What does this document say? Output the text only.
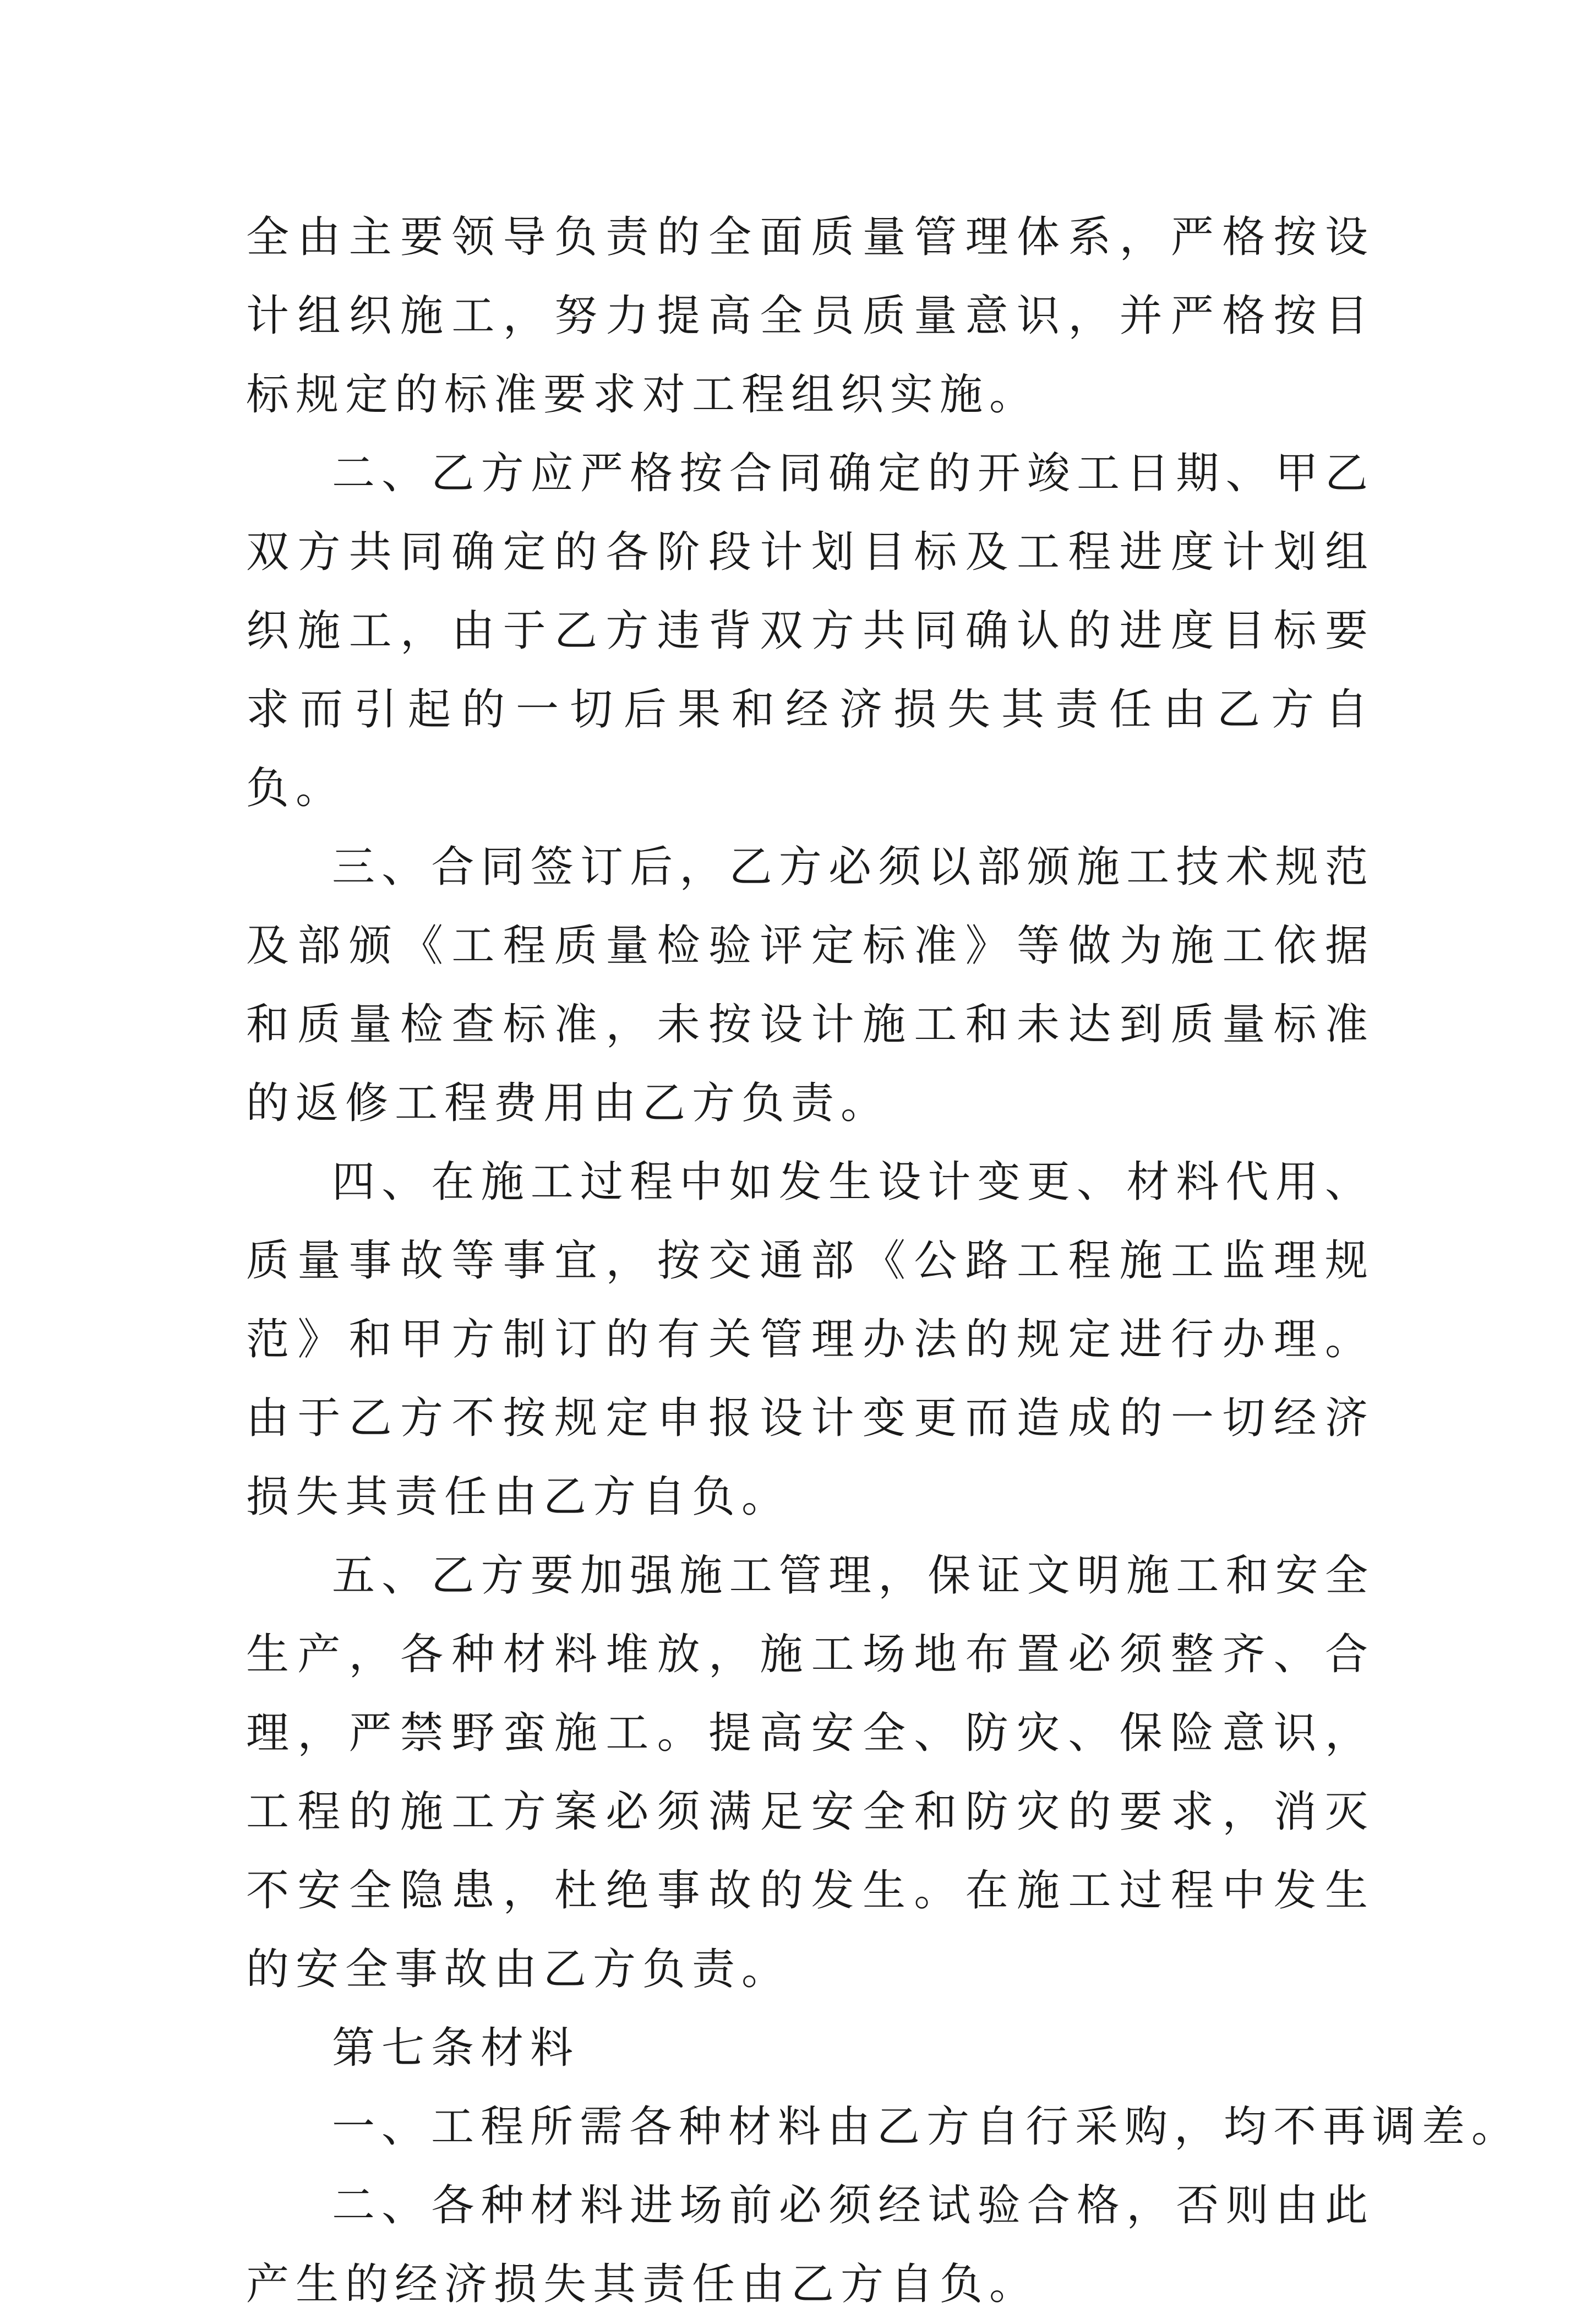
全由主要领导负责的全面质量管理体系，严格按设计组织施工，努力提高全员质量意识，并严格按目标规定的标准要求对工程组织实施。

二、乙方应严格按合同确定的开竣工日期、甲乙双方共同确定的各阶段计划目标及工程进度计划组织施工，由于乙方违背双方共同确认的进度目标要求而引起的一切后果和经济损失其责任由乙方自负。

三、合同签订后，乙方必须以部颁施工技术规范及部颁《工程质量检验评定标准》等做为施工依据和质量检查标准，未按设计施工和未达到质量标准的返修工程费用由乙方负责。

四、在施工过程中如发生设计变更、材料代用、质量事故等事宜，按交通部《公路工程施工监理规范》和甲方制订的有关管理办法的规定进行办理。由于乙方不按规定申报设计变更而造成的一切经济损失其责任由乙方自负。

五、乙方要加强施工管理，保证文明施工和安全生产，各种材料堆放，施工场地布置必须整齐、合理，严禁野蛮施工。提高安全、防灾、保险意识，工程的施工方案必须满足安全和防灾的要求，消灭不安全隐患，杜绝事故的发生。在施工过程中发生的安全事故由乙方负责。

第七条材料

一、工程所需各种材料由乙方自行采购，均不再调差。

二、各种材料进场前必须经试验合格，否则由此产生的经济损失其责任由乙方自负。
